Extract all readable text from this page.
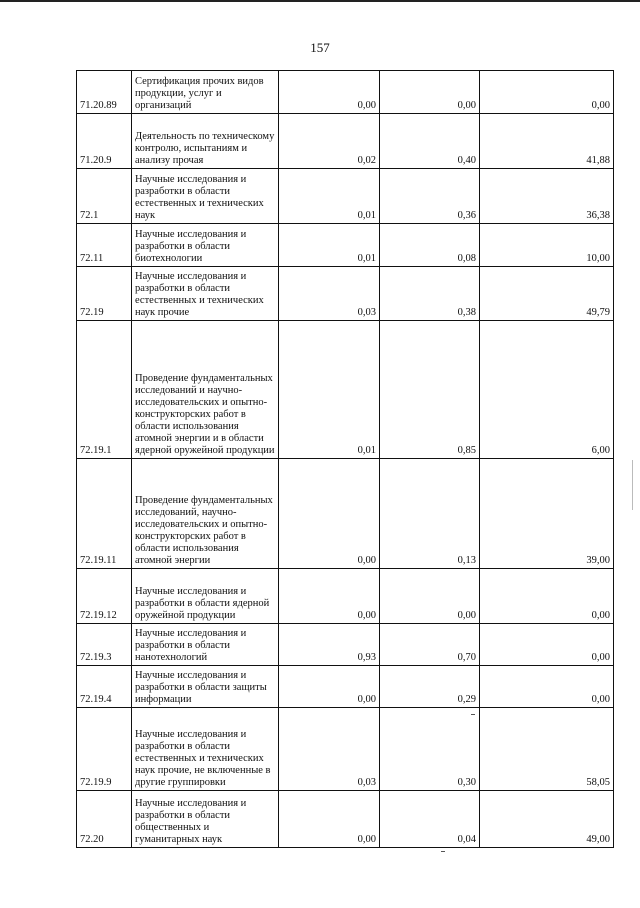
157
71.20.89	Сертификация прочих видов продукции, услуг и организаций	0,00	0,00	0,00
71.20.9	Деятельность по техническому контролю, испытаниям и анализу прочая	0,02	0,40	41,88
72.1	Научные исследования и разработки в области естественных и технических наук	0,01	0,36	36,38
72.11	Научные исследования и разработки в области биотехнологии	0,01	0,08	10,00
72.19	Научные исследования и разработки в области естественных и технических наук прочие	0,03	0,38	49,79
72.19.1	Проведение фундаментальных исследований и научно-исследовательских и опытно-конструкторских работ в области использования атомной энергии и в области ядерной оружейной продукции	0,01	0,85	6,00
72.19.11	Проведение фундаментальных исследований, научно-исследовательских и опытно-конструкторских работ в области использования атомной энергии	0,00	0,13	39,00
72.19.12	Научные исследования и разработки в области ядерной оружейной продукции	0,00	0,00	0,00
72.19.3	Научные исследования и разработки в области нанотехнологий	0,93	0,70	0,00
72.19.4	Научные исследования и разработки в области защиты информации	0,00	0,29	0,00
72.19.9	Научные исследования и разработки в области естественных и технических наук прочие, не включенные в другие группировки	0,03	0,30	58,05
72.20	Научные исследования и разработки в области общественных и гуманитарных наук	0,00	0,04	49,00
